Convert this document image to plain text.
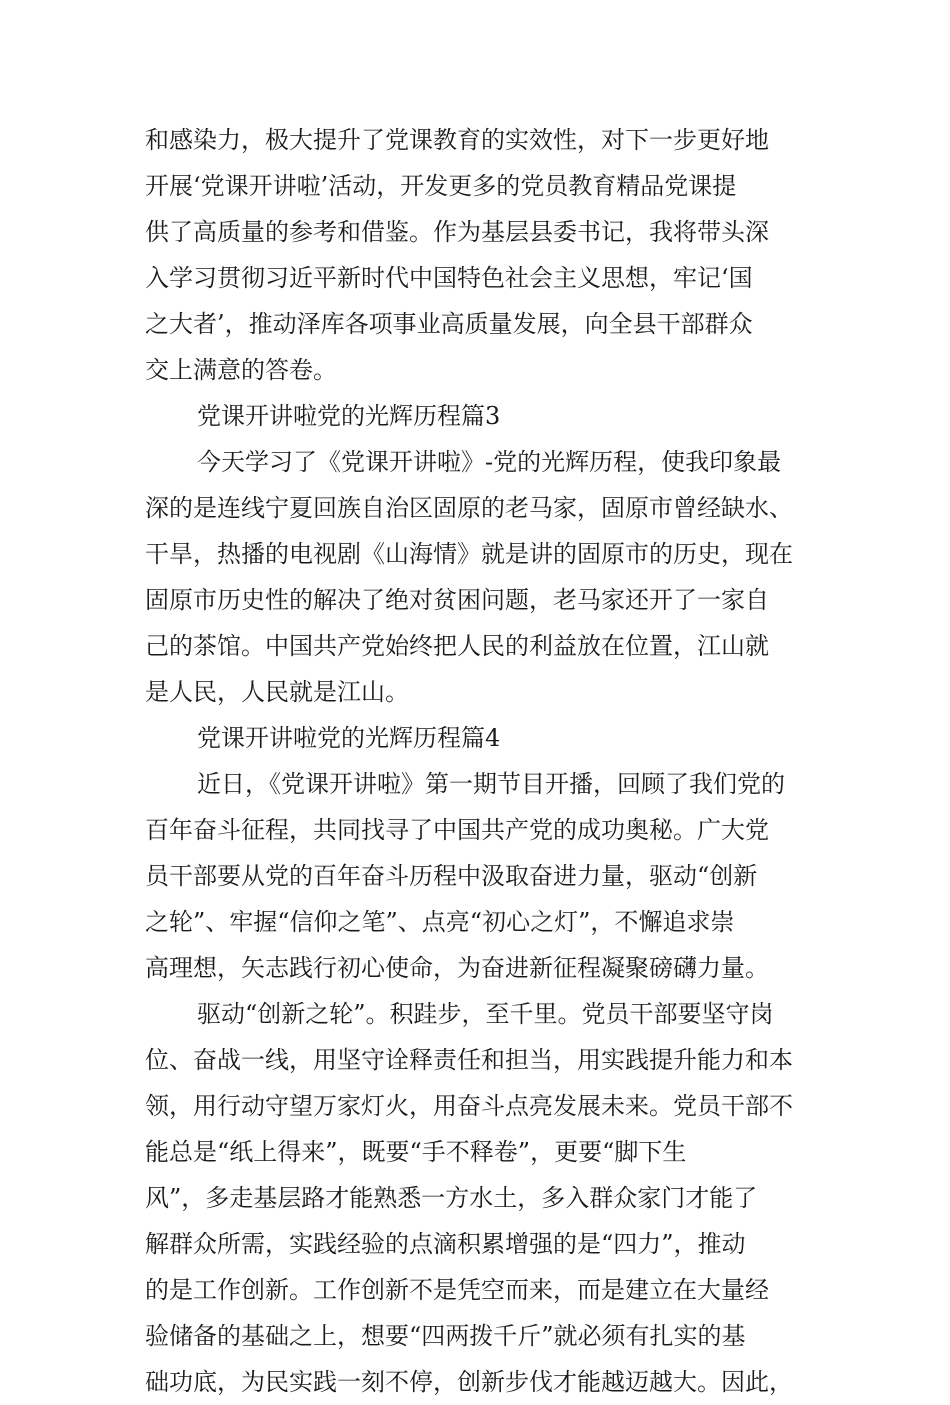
和感染力，极大提升了党课教育的实效性，对下一步更好地
开展‘党课开讲啦’活动，开发更多的党员教育精品党课提
供了高质量的参考和借鉴。作为基层县委书记，我将带头深
入学习贯彻习近平新时代中国特色社会主义思想，牢记‘国
之大者’，推动泽库各项事业高质量发展，向全县干部群众
交上满意的答卷。
党课开讲啦党的光辉历程篇3
今天学习了《党课开讲啦》-党的光辉历程，使我印象最
深的是连线宁夏回族自治区固原的老马家，固原市曾经缺水、
干旱，热播的电视剧《山海情》就是讲的固原市的历史，现在
固原市历史性的解决了绝对贫困问题，老马家还开了一家自
己的茶馆。中国共产党始终把人民的利益放在位置，江山就
是人民，人民就是江山。
党课开讲啦党的光辉历程篇4
近日，《党课开讲啦》第一期节目开播，回顾了我们党的
百年奋斗征程，共同找寻了中国共产党的成功奥秘。广大党
员干部要从党的百年奋斗历程中汲取奋进力量，驱动“创新
之轮”、牢握“信仰之笔”、点亮“初心之灯”，不懈追求崇
高理想，矢志践行初心使命，为奋进新征程凝聚磅礴力量。
驱动“创新之轮”。积跬步，至千里。党员干部要坚守岗
位、奋战一线，用坚守诠释责任和担当，用实践提升能力和本
领，用行动守望万家灯火，用奋斗点亮发展未来。党员干部不
能总是“纸上得来”，既要“手不释卷”，更要“脚下生
风”，多走基层路才能熟悉一方水土，多入群众家门才能了
解群众所需，实践经验的点滴积累增强的是“四力”，推动
的是工作创新。工作创新不是凭空而来，而是建立在大量经
验储备的基础之上，想要“四两拨千斤”就必须有扎实的基
础功底，为民实践一刻不停，创新步伐才能越迈越大。因此，
